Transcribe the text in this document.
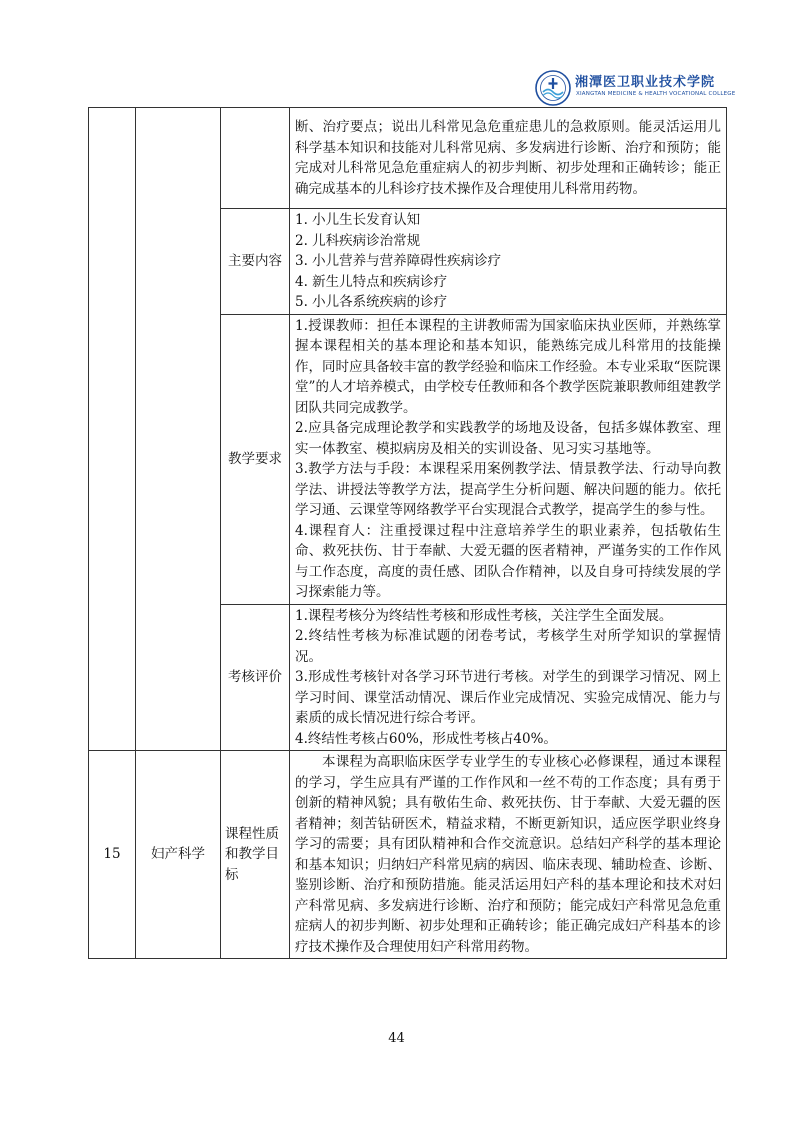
湘潭医卫职业技术学院
XIANGTAN MEDICINE & HEALTH VOCATIONAL COLLEGE
			断、治疗要点；说出儿科常见急危重症患儿的急救原则。能灵活运用儿科学基本知识和技能对儿科常见病、多发病进行诊断、治疗和预防；能完成对儿科常见急危重症病人的初步判断、初步处理和正确转诊；能正确完成基本的儿科诊疗技术操作及合理使用儿科常用药物。

		主要内容	1. 小儿生长发育认知
2. 儿科疾病诊治常规
3. 小儿营养与营养障碍性疾病诊疗
4. 新生儿特点和疾病诊疗
5. 小儿各系统疾病的诊疗

		教学要求	1.授课教师：担任本课程的主讲教师需为国家临床执业医师，并熟练掌握本课程相关的基本理论和基本知识，能熟练完成儿科常用的技能操作，同时应具备较丰富的教学经验和临床工作经验。本专业采取“医院课堂”的人才培养模式，由学校专任教师和各个教学医院兼职教师组建教学团队共同完成教学。
2.应具备完成理论教学和实践教学的场地及设备，包括多媒体教室、理实一体教室、模拟病房及相关的实训设备、见习实习基地等。
3.教学方法与手段：本课程采用案例教学法、情景教学法、行动导向教学法、讲授法等教学方法，提高学生分析问题、解决问题的能力。依托学习通、云课堂等网络教学平台实现混合式教学，提高学生的参与性。
4.课程育人：注重授课过程中注意培养学生的职业素养，包括敬佑生命、救死扶伤、甘于奉献、大爱无疆的医者精神，严谨务实的工作作风与工作态度，高度的责任感、团队合作精神，以及自身可持续发展的学习探索能力等。

		考核评价	1.课程考核分为终结性考核和形成性考核，关注学生全面发展。
2.终结性考核为标准试题的闭卷考试，考核学生对所学知识的掌握情况。
3.形成性考核针对各学习环节进行考核。对学生的到课学习情况、网上学习时间、课堂活动情况、课后作业完成情况、实验完成情况、能力与素质的成长情况进行综合考评。
4.终结性考核占60%，形成性考核占40%。

15	妇产科学	课程性质和教学目标	本课程为高职临床医学专业学生的专业核心必修课程，通过本课程的学习，学生应具有严谨的工作作风和一丝不苟的工作态度；具有勇于创新的精神风貌；具有敬佑生命、救死扶伤、甘于奉献、大爱无疆的医者精神；刻苦钻研医术，精益求精，不断更新知识，适应医学职业终身学习的需要；具有团队精神和合作交流意识。总结妇产科学的基本理论和基本知识；归纳妇产科常见病的病因、临床表现、辅助检查、诊断、鉴别诊断、治疗和预防措施。能灵活运用妇产科的基本理论和技术对妇产科常见病、多发病进行诊断、治疗和预防；能完成妇产科常见急危重症病人的初步判断、初步处理和正确转诊；能正确完成妇产科基本的诊疗技术操作及合理使用妇产科常用药物。
44
